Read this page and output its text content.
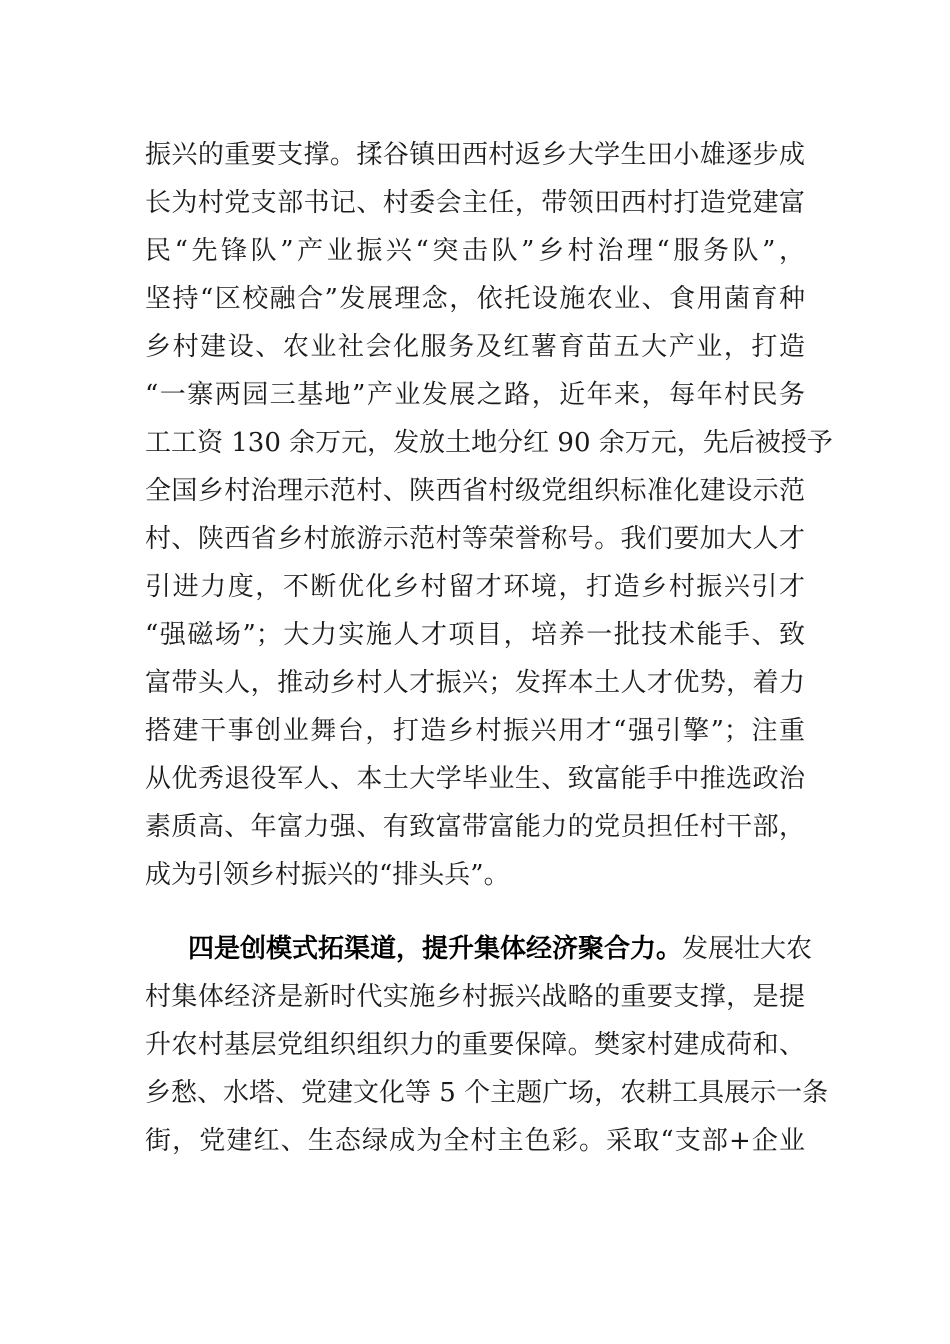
振兴的重要支撑。揉谷镇田西村返乡大学生田小雄逐步成
长为村党支部书记、村委会主任，带领田西村打造党建富
民“先锋队”产业振兴“突击队”乡村治理“服务队”，
坚持“区校融合”发展理念，依托设施农业、食用菌育种
乡村建设、农业社会化服务及红薯育苗五大产业，打造
“一寨两园三基地”产业发展之路，近年来，每年村民务
工工资 130 余万元，发放土地分红 90 余万元，先后被授予
全国乡村治理示范村、陕西省村级党组织标准化建设示范
村、陕西省乡村旅游示范村等荣誉称号。我们要加大人才
引进力度，不断优化乡村留才环境，打造乡村振兴引才
“强磁场”；大力实施人才项目，培养一批技术能手、致
富带头人，推动乡村人才振兴；发挥本土人才优势，着力
搭建干事创业舞台，打造乡村振兴用才“强引擎”；注重
从优秀退役军人、本土大学毕业生、致富能手中推选政治
素质高、年富力强、有致富带富能力的党员担任村干部，
成为引领乡村振兴的“排头兵”。
四是创模式拓渠道，提升集体经济聚合力。发展壮大农
村集体经济是新时代实施乡村振兴战略的重要支撑，是提
升农村基层党组织组织力的重要保障。樊家村建成荷和、
乡愁、水塔、党建文化等 5 个主题广场，农耕工具展示一条
街，党建红、生态绿成为全村主色彩。采取“支部+企业
